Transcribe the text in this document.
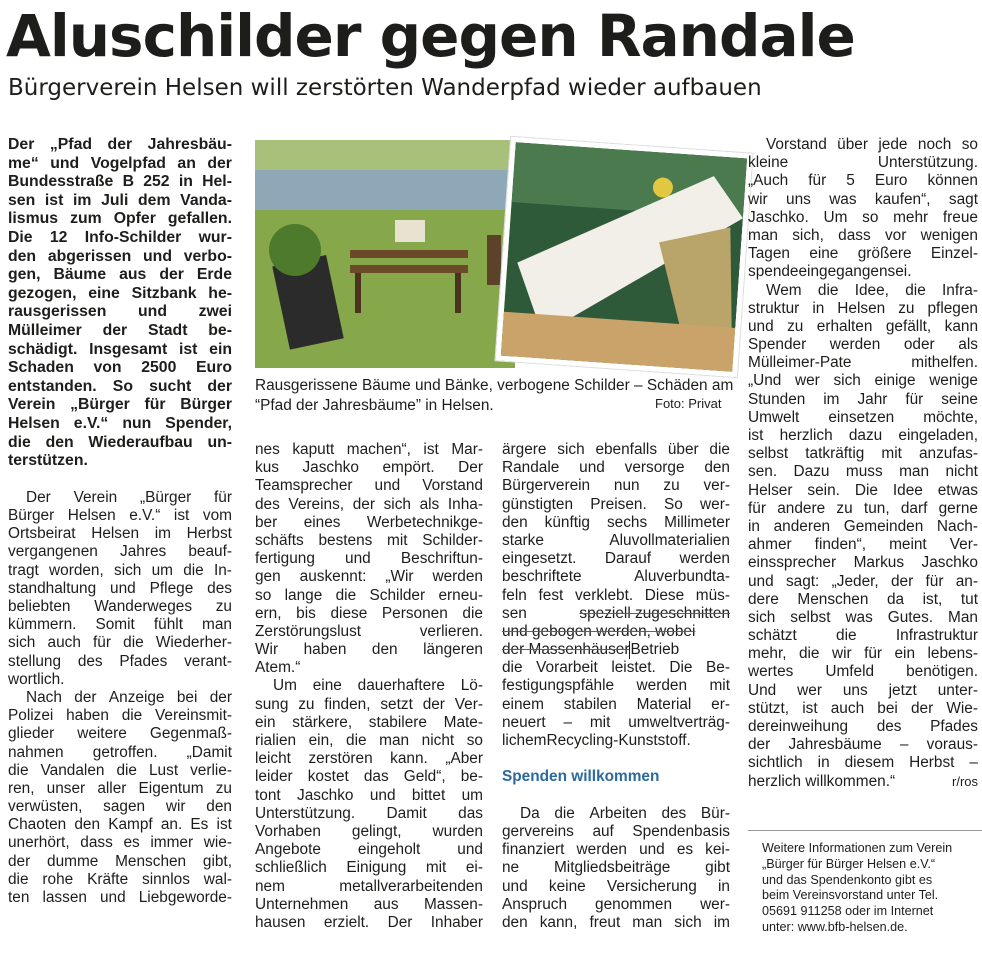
Aluschilder gegen Randale
Bürgerverein Helsen will zerstörten Wanderpfad wieder aufbauen
Der „Pfad der Jahresbäu-
me“ und Vogelpfad an der
Bundesstraße B 252 in Hel-
sen ist im Juli dem Vanda-
lismus zum Opfer gefallen.
Die 12 Info-Schilder wur-
den abgerissen und verbo-
gen, Bäume aus der Erde
gezogen, eine Sitzbank he-
rausgerissen und zwei
Mülleimer der Stadt be-
schädigt. Insgesamt ist ein
Schaden von 2500 Euro
entstanden. So sucht der
Verein „Bürger für Bürger
Helsen e.V.“ nun Spender,
die den Wiederaufbau un-
terstützen.
Der Verein „Bürger für
Bürger Helsen e.V.“ ist vom
Ortsbeirat Helsen im Herbst
vergangenen Jahres beauf-
tragt worden, sich um die In-
standhaltung und Pflege des
beliebten Wanderweges zu
kümmern. Somit fühlt man
sich auch für die Wiederher-
stellung des Pfades verant-
wortlich.
Nach der Anzeige bei der
Polizei haben die Vereinsmit-
glieder weitere Gegenmaß-
nahmen getroffen. „Damit
die Vandalen die Lust verlie-
ren, unser aller Eigentum zu
verwüsten, sagen wir den
Chaoten den Kampf an. Es ist
unerhört, dass es immer wie-
der dumme Menschen gibt,
die rohe Kräfte sinnlos wal-
ten lassen und Liebgeworde-
Rausgerissene Bäume und Bänke, verbogene Schilder – Schäden am “Pfad der Jahresbäume” in Helsen.	Foto: Privat
nes kaputt machen“, ist Mar-
kus Jaschko empört. Der
Teamsprecher und Vorstand
des Vereins, der sich als Inha-
ber eines Werbetechnikge-
schäfts bestens mit Schilder-
fertigung und Beschriftun-
gen auskennt: „Wir werden
so lange die Schilder erneu-
ern, bis diese Personen die
Zerstörungslust	verlieren.
Wir haben den längeren
Atem.“
Um eine dauerhaftere Lö-
sung zu finden, setzt der Ver-
ein stärkere, stabilere Mate-
rialien ein, die man nicht so
leicht zerstören kann. „Aber
leider kostet das Geld“, be-
tont Jaschko und bittet um
Unterstützung. Damit das
Vorhaben gelingt, wurden
Angebote eingeholt und
schließlich Einigung mit ei-
nem	metallverarbeitenden
Unternehmen aus Massen-
hausen erzielt. Der Inhaber
ärgere sich ebenfalls über die
Randale und versorge den
Bürgerverein nun zu ver-
günstigten Preisen. So wer-
den künftig sechs Millimeter
starke	Aluvollmaterialien
eingesetzt. Darauf werden
beschriftete	Aluverbundta-
feln fest verklebt. Diese müs-
sen	speziell zugeschnitten
und gebogen werden, wobei
der Massenhäuser Betrieb
die Vorarbeit leistet. Die Be-
festigungspfähle werden mit
einem stabilen Material er-
neuert – mit umweltverträg-
lichem Recycling-Kunststoff.
Spenden willkommen
Da die Arbeiten des Bür-
gervereins auf Spendenbasis
finanziert werden und es kei-
ne Mitgliedsbeiträge gibt
und keine Versicherung in
Anspruch genommen wer-
den kann, freut man sich im
Vorstand über jede noch so
kleine	Unterstützung.
„Auch für 5 Euro können
wir uns was kaufen“, sagt
Jaschko. Um so mehr freue
man sich, dass vor wenigen
Tagen eine größere Einzel-
spende eingegangen sei.
Wem die Idee, die Infra-
struktur in Helsen zu pflegen
und zu erhalten gefällt, kann
Spender werden oder als
Mülleimer-Pate	mithelfen.
„Und wer sich einige wenige
Stunden im Jahr für seine
Umwelt einsetzen möchte,
ist herzlich dazu eingeladen,
selbst tatkräftig mit anzufas-
sen. Dazu muss man nicht
Helser sein. Die Idee etwas
für andere zu tun, darf gerne
in anderen Gemeinden Nach-
ahmer finden“, meint Ver-
einssprecher Markus Jaschko
und sagt: „Jeder, der für an-
dere Menschen da ist, tut
sich selbst was Gutes. Man
schätzt	die	Infrastruktur
mehr, die wir für ein lebens-
wertes Umfeld benötigen.
Und wer uns jetzt unter-
stützt, ist auch bei der Wie-
dereinweihung des Pfades
der Jahresbäume – voraus-
sichtlich in diesem Herbst –
herzlich willkommen.“	r/ros
Weitere Informationen zum Verein
„Bürger für Bürger Helsen e.V.“
und das Spendenkonto gibt es
beim Vereinsvorstand unter Tel.
05691 911258 oder im Internet
unter: www.bfb-helsen.de.
